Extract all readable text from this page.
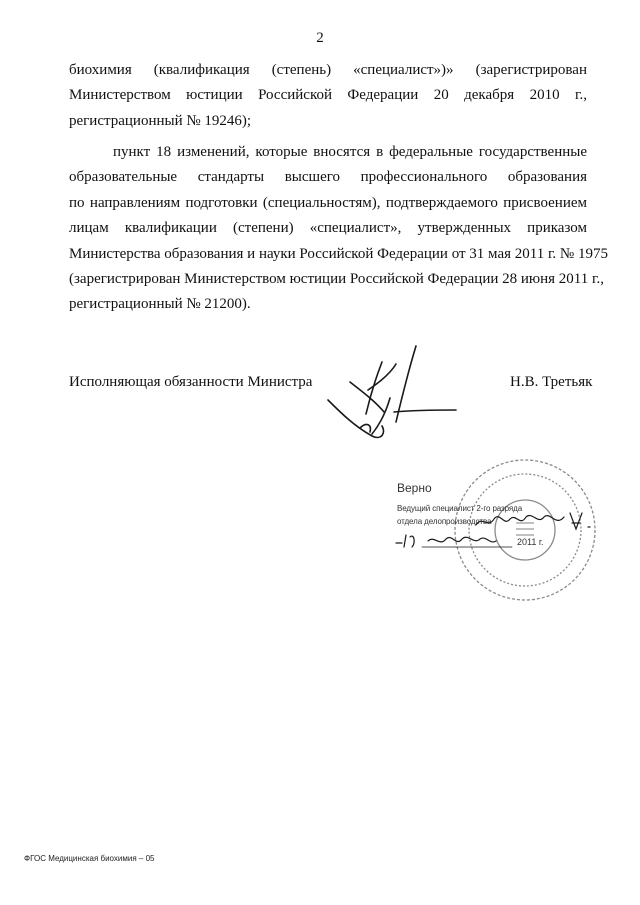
2

биохимия (квалификация (степень) «специалист»)» (зарегистрирован
Министерством юстиции Российской Федерации 20 декабря 2010 г.,
регистрационный № 19246);

пункт 18 изменений, которые вносятся в федеральные государственные
образовательные стандарты высшего профессионального образования
по направлениям подготовки (специальностям), подтверждаемого присвоением
лицам квалификации (степени) «специалист», утвержденных приказом
Министерства образования и науки Российской Федерации от 31 мая 2011 г. № 1975
(зарегистрирован Министерством юстиции Российской Федерации 28 июня 2011 г.,
регистрационный № 21200).

Исполняющая обязанности Министра	Н.В. Третьяк
Верно
Ведущий специалист 2-го разряда
отдела делопроизводства
2011 г.
ФГОС Медицинская биохимия – 05
